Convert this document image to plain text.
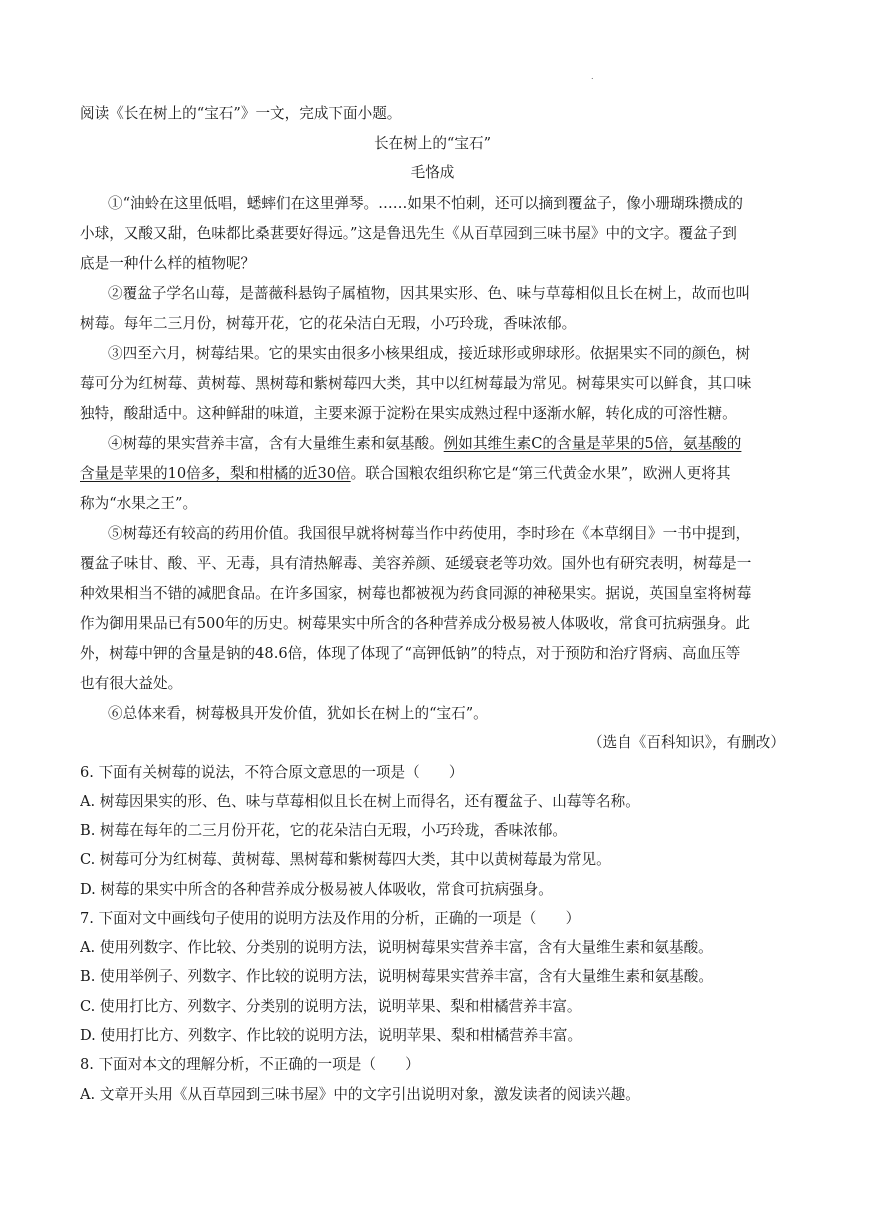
.
阅读《长在树上的“宝石”》一文，完成下面小题。
长在树上的“宝石”
毛恪成
①“油蛉在这里低唱，蟋蟀们在这里弹琴。……如果不怕刺，还可以摘到覆盆子，像小珊瑚珠攒成的
小球，又酸又甜，色味都比桑葚要好得远。”这是鲁迅先生《从百草园到三味书屋》中的文字。覆盆子到
底是一种什么样的植物呢？
②覆盆子学名山莓，是蔷薇科悬钩子属植物，因其果实形、色、味与草莓相似且长在树上，故而也叫
树莓。每年二三月份，树莓开花，它的花朵洁白无瑕，小巧玲珑，香味浓郁。
③四至六月，树莓结果。它的果实由很多小核果组成，接近球形或卵球形。依据果实不同的颜色，树
莓可分为红树莓、黄树莓、黑树莓和紫树莓四大类，其中以红树莓最为常见。树莓果实可以鲜食，其口味
独特，酸甜适中。这种鲜甜的味道，主要来源于淀粉在果实成熟过程中逐渐水解，转化成的可溶性糖。
④树莓的果实营养丰富，含有大量维生素和氨基酸。例如其维生素C的含量是苹果的5倍，氨基酸的
含量是苹果的10倍多，梨和柑橘的近30倍。联合国粮农组织称它是“第三代黄金水果”，欧洲人更将其
称为“水果之王”。
⑤树莓还有较高的药用价值。我国很早就将树莓当作中药使用，李时珍在《本草纲目》一书中提到，
覆盆子味甘、酸、平、无毒，具有清热解毒、美容养颜、延缓衰老等功效。国外也有研究表明，树莓是一
种效果相当不错的减肥食品。在许多国家，树莓也都被视为药食同源的神秘果实。据说，英国皇室将树莓
作为御用果品已有500年的历史。树莓果实中所含的各种营养成分极易被人体吸收，常食可抗病强身。此
外，树莓中钾的含量是钠的48.6倍，体现了体现了“高钾低钠”的特点，对于预防和治疗肾病、高血压等
也有很大益处。
⑥总体来看，树莓极具开发价值，犹如长在树上的“宝石”。
（选自《百科知识》，有删改）
6. 下面有关树莓的说法，不符合原文意思的一项是（　　）
A. 树莓因果实的形、色、味与草莓相似且长在树上而得名，还有覆盆子、山莓等名称。
B. 树莓在每年的二三月份开花，它的花朵洁白无瑕，小巧玲珑，香味浓郁。
C. 树莓可分为红树莓、黄树莓、黑树莓和紫树莓四大类，其中以黄树莓最为常见。
D. 树莓的果实中所含的各种营养成分极易被人体吸收，常食可抗病强身。
7. 下面对文中画线句子使用的说明方法及作用的分析，正确的一项是（　　）
A. 使用列数字、作比较、分类别的说明方法，说明树莓果实营养丰富，含有大量维生素和氨基酸。
B. 使用举例子、列数字、作比较的说明方法，说明树莓果实营养丰富，含有大量维生素和氨基酸。
C. 使用打比方、列数字、分类别的说明方法，说明苹果、梨和柑橘营养丰富。
D. 使用打比方、列数字、作比较的说明方法，说明苹果、梨和柑橘营养丰富。
8. 下面对本文的理解分析，不正确的一项是（　　）
A. 文章开头用《从百草园到三味书屋》中的文字引出说明对象，激发读者的阅读兴趣。
